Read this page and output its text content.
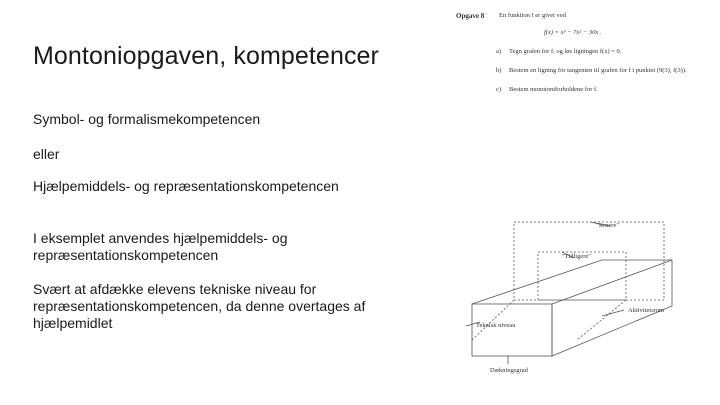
Montoniopgaven, kompetencer

Symbol- og formalismekompetencen

eller

Hjælpemiddels- og repræsentationskompetencen

I eksemplet anvendes hjælpemiddels- og

repræsentationskompetencen

Svært at afdække elevens tekniske niveau for

repræsentationskompetencen, da denne overtages af

hjælpemidlet

Opgave 8 En funktion f er givet ved
f(x) = x³ − 7x² − 30x .
a) Tegn grafen for f, og løs ligningen f(x) = 0.
b) Bestem en ligning for tangenten til grafen for f i punktet (9(3), f(3)).
c) Bestem monotoniforholdene for f.
"Senere"
"Tidligere"
Aktivitetsrum
Teknisk niveau
Dækningsgrad
